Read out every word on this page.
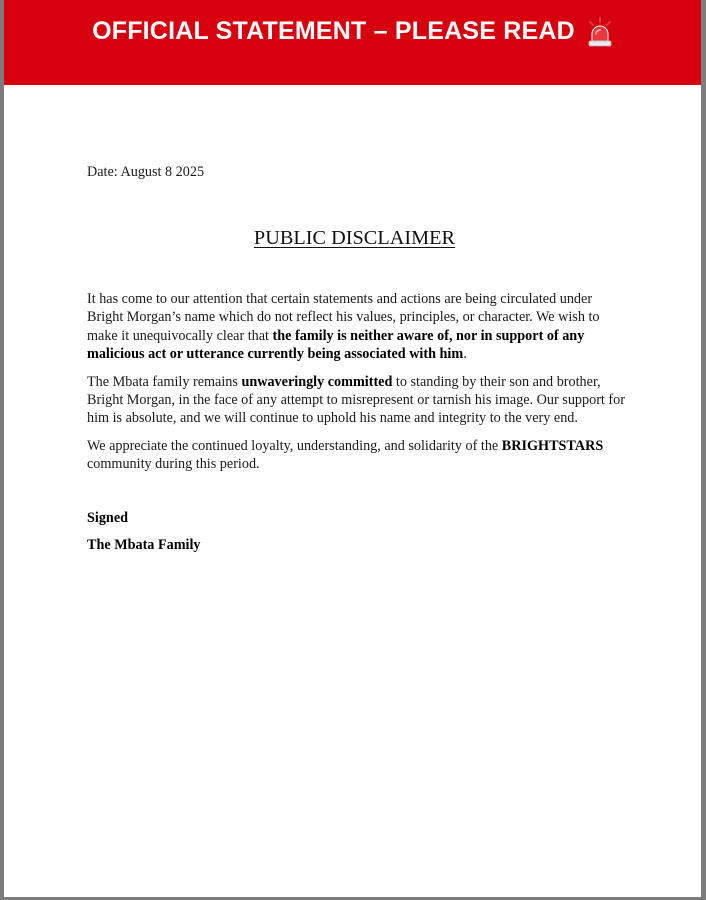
OFFICIAL STATEMENT – PLEASE READ
Date: August 8 2025
PUBLIC DISCLAIMER

It has come to our attention that certain statements and actions are being circulated under Bright Morgan’s name which do not reflect his values, principles, or character. We wish to make it unequivocally clear that the family is neither aware of, nor in support of any malicious act or utterance currently being associated with him.

The Mbata family remains unwaveringly committed to standing by their son and brother, Bright Morgan, in the face of any attempt to misrepresent or tarnish his image. Our support for him is absolute, and we will continue to uphold his name and integrity to the very end.

We appreciate the continued loyalty, understanding, and solidarity of the BRIGHTSTARS community during this period.

Signed
The Mbata Family
